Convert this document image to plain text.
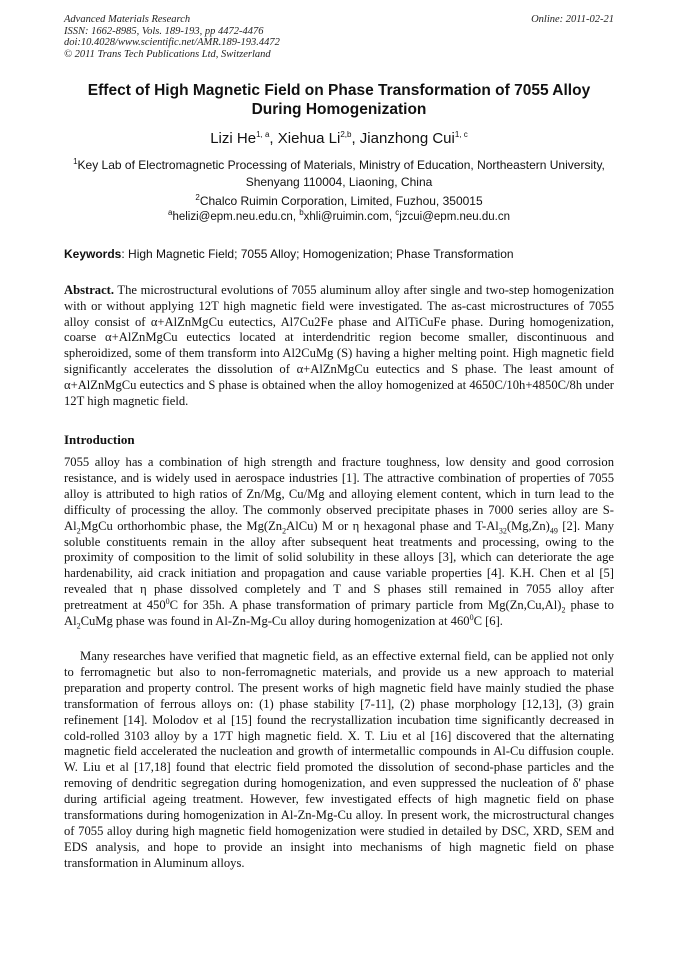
Advanced Materials Research
ISSN: 1662-8985, Vols. 189-193, pp 4472-4476
doi:10.4028/www.scientific.net/AMR.189-193.4472
© 2011 Trans Tech Publications Ltd, Switzerland
Online: 2011-02-21
Effect of High Magnetic Field on Phase Transformation of 7055 Alloy During Homogenization
Lizi He$^{1, a}$, Xiehua Li$^{2,b}$, Jianzhong Cui$^{1, c}$
$^1$Key Lab of Electromagnetic Processing of Materials, Ministry of Education, Northeastern University, Shenyang 110004, Liaoning, China
$^2$Chalco Ruimin Corporation, Limited, Fuzhou, 350015
$^a$helizi@epm.neu.edu.cn, $^b$xhli@ruimin.com, $^c$jzcui@epm.neu.du.cn
Keywords: High Magnetic Field; 7055 Alloy; Homogenization; Phase Transformation
Abstract. The microstructural evolutions of 7055 aluminum alloy after single and two-step homogenization with or without applying 12T high magnetic field were investigated. The as-cast microstructures of 7055 alloy consist of α+AlZnMgCu eutectics, Al7Cu2Fe phase and AlTiCuFe phase. During homogenization, coarse α+AlZnMgCu eutectics located at interdendritic region become smaller, discontinuous and spheroidized, some of them transform into Al2CuMg (S) having a higher melting point. High magnetic field significantly accelerates the dissolution of α+AlZnMgCu eutectics and S phase. The least amount of α+AlZnMgCu eutectics and S phase is obtained when the alloy homogenized at 4650C/10h+4850C/8h under 12T high magnetic field.
Introduction
7055 alloy has a combination of high strength and fracture toughness, low density and good corrosion resistance, and is widely used in aerospace industries [1]. The attractive combination of properties of 7055 alloy is attributed to high ratios of Zn/Mg, Cu/Mg and alloying element content, which in turn lead to the difficulty of processing the alloy. The commonly observed precipitate phases in 7000 series alloy are $S-Al_2MgCu$ orthorhombic phase, the $Mg(Zn_2AlCu)$ M or η hexagonal phase and $T-Al_{32}(Mg,Zn)_{49}$ [2]. Many soluble constituents remain in the alloy after subsequent heat treatments and processing, owing to the proximity of composition to the limit of solid solubility in these alloys [3], which can deteriorate the age hardenability, aid crack initiation and propagation and cause variable properties [4]. K.H. Chen et al [5] revealed that η phase dissolved completely and T and S phases still remained in 7055 alloy after pretreatment at $450^0C$ for 35h. A phase transformation of primary particle from $Mg(Zn,Cu,Al)_2$ phase to $Al_2CuMg$ phase was found in Al-Zn-Mg-Cu alloy during homogenization at $460^0C$ [6].
Many researches have verified that magnetic field, as an effective external field, can be applied not only to ferromagnetic but also to non-ferromagnetic materials, and provide us a new approach to material preparation and property control. The present works of high magnetic field have mainly studied the phase transformation of ferrous alloys on: (1) phase stability [7-11], (2) phase morphology [12,13], (3) grain refinement [14]. Molodov et al [15] found the recrystallization incubation time significantly decreased in cold-rolled 3103 alloy by a 17T high magnetic field. X. T. Liu et al [16] discovered that the alternating magnetic field accelerated the nucleation and growth of intermetallic compounds in Al-Cu diffusion couple. W. Liu et al [17,18] found that electric field promoted the dissolution of second-phase particles and the removing of dendritic segregation during homogenization, and even suppressed the nucleation of δ' phase during artificial ageing treatment. However, few investigated effects of high magnetic field on phase transformations during homogenization in Al-Zn-Mg-Cu alloy. In present work, the microstructural changes of 7055 alloy during high magnetic field homogenization were studied in detailed by DSC, XRD, SEM and EDS analysis, and hope to provide an insight into mechanisms of high magnetic field on phase transformation in Aluminum alloys.
